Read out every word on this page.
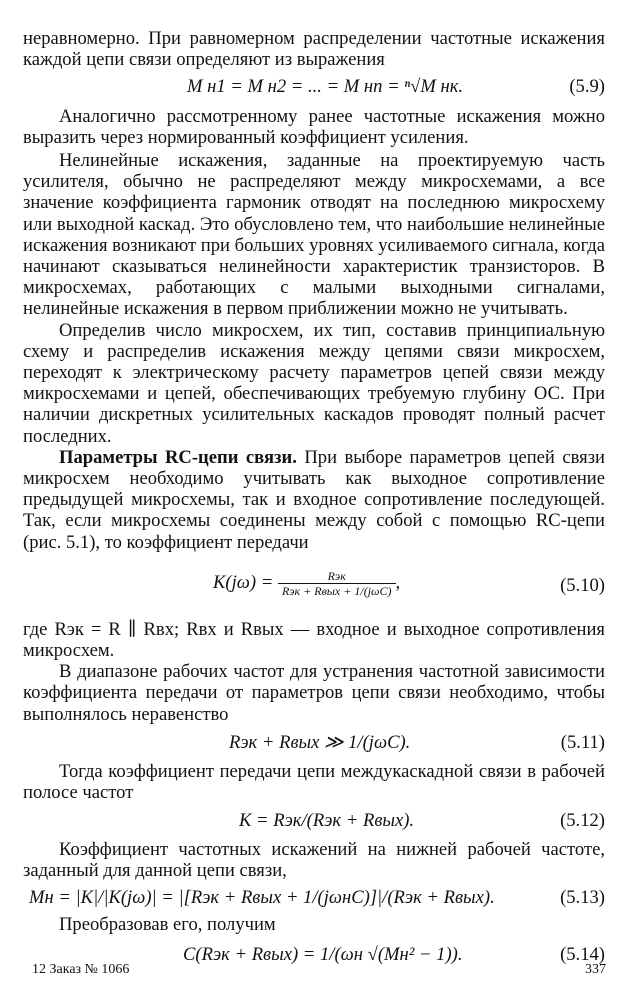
неравномерно. При равномерном распределении частотные искажения каждой цепи связи определяют из выражения

M н1 = M н2 = ... = M нn = ⁿ√M нк.	(5.9)

Аналогично рассмотренному ранее частотные искажения можно выразить через нормированный коэффициент усиления.

Нелинейные искажения, заданные на проектируемую часть усилителя, обычно не распределяют между микросхемами, а все значение коэффициента гармоник отводят на последнюю микросхему или выходной каскад. Это обусловлено тем, что наибольшие нелинейные искажения возникают при больших уровнях усиливаемого сигнала, когда начинают сказываться нелинейности характеристик транзисторов. В микросхемах, работающих с малыми выходными сигналами, нелинейные искажения в первом приближении можно не учитывать.

Определив число микросхем, их тип, составив принципиальную схему и распределив искажения между цепями связи микросхем, переходят к электрическому расчету параметров цепей связи между микросхемами и цепей, обеспечивающих требуемую глубину ОС. При наличии дискретных усилительных каскадов проводят полный расчет последних.

Параметры RC-цепи связи. При выборе параметров цепей связи микросхем необходимо учитывать как выходное сопротивление предыдущей микросхемы, так и входное сопротивление последующей. Так, если микросхемы соединены между собой с помощью RC-цепи (рис. 5.1), то коэффициент передачи

$K(j\omega) = \frac{\text{Rэк}}{\text{Rэк + Rвых + 1/(jωC)}}$ ,	(5.10)

где Rэк = R ∥ Rвх; Rвх и Rвых — входное и выходное сопротивления микросхем.

В диапазоне рабочих частот для устранения частотной зависимости коэффициента передачи от параметров цепи связи необходимо, чтобы выполнялось неравенство

Rэк + Rвых ≫ 1/(jωC).	(5.11)

Тогда коэффициент передачи цепи междукаскадной связи в рабочей полосе частот

K = Rэк/(Rэк + Rвых).	(5.12)

Коэффициент частотных искажений на нижней рабочей частоте, заданный для данной цепи связи,

Mн = |K|/|K(jω)| = |[Rэк + Rвых + 1/(jωнC)]|/(Rэк + Rвых).	(5.13)

Преобразовав его, получим

C(Rэк + Rвых) = 1/(ωн √(Mн² − 1)).	(5.14)
12 Заказ № 1066	337
